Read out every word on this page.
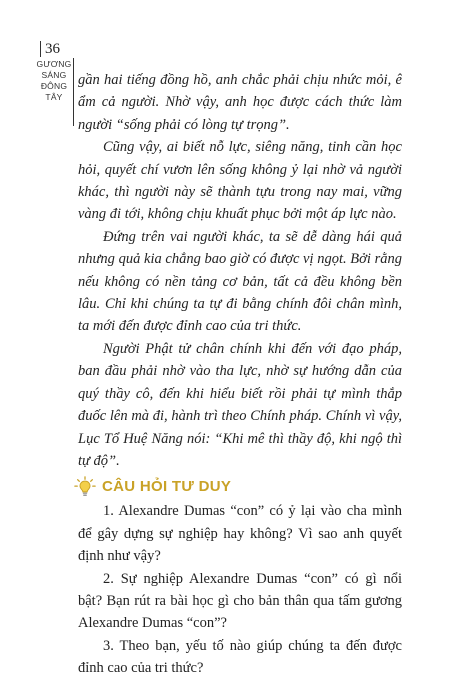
36
GƯƠNG
SÁNG
ĐÔNG
TÂY

gần hai tiếng đồng hồ, anh chắc phải chịu nhức mỏi, ê ẩm cả người. Nhờ vậy, anh học được cách thức làm người “sống phải có lòng tự trọng”.

Cũng vậy, ai biết nỗ lực, siêng năng, tinh cần học hỏi, quyết chí vươn lên sống không ỷ lại nhờ vả người khác, thì người này sẽ thành tựu trong nay mai, vững vàng đi tới, không chịu khuất phục bởi một áp lực nào.

Đứng trên vai người khác, ta sẽ dễ dàng hái quả nhưng quả kia chẳng bao giờ có được vị ngọt. Bởi rằng nếu không có nền tảng cơ bản, tất cả đều không bền lâu. Chỉ khi chúng ta tự đi bằng chính đôi chân mình, ta mới đến được đỉnh cao của tri thức.

Người Phật tử chân chính khi đến với đạo pháp, ban đầu phải nhờ vào tha lực, nhờ sự hướng dẫn của quý thầy cô, đến khi hiểu biết rồi phải tự mình thắp đuốc lên mà đi, hành trì theo Chính pháp. Chính vì vậy, Lục Tổ Huệ Năng nói: “Khi mê thì thầy độ, khi ngộ thì tự độ”.

CÂU HỎI TƯ DUY

1. Alexandre Dumas “con” có ỷ lại vào cha mình để gây dựng sự nghiệp hay không? Vì sao anh quyết định như vậy?

2. Sự nghiệp Alexandre Dumas “con” có gì nổi bật? Bạn rút ra bài học gì cho bản thân qua tấm gương Alexandre Dumas “con”?

3. Theo bạn, yếu tố nào giúp chúng ta đến được đỉnh cao của tri thức?
